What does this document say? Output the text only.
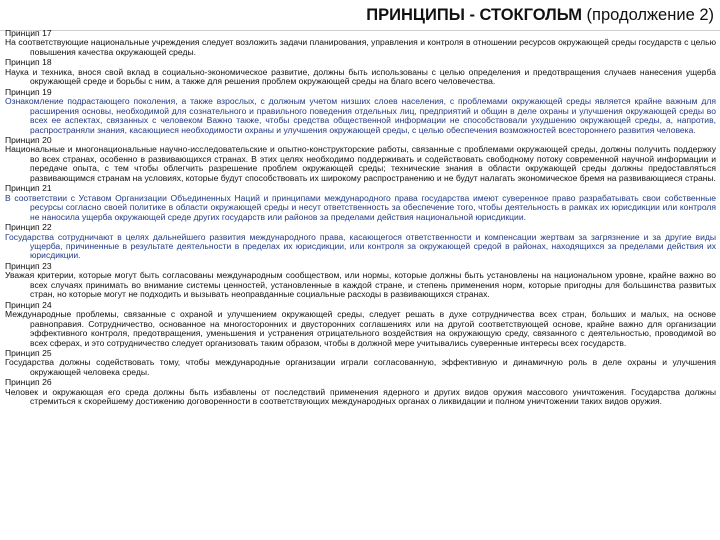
ПРИНЦИПЫ - СТОКГОЛЬМ (продолжение 2)

Принцип 17

На соответствующие национальные учреждения следует возложить задачи планирования, управления и контроля в отношении ресурсов окружающей среды государств с целью повышения качества окружающей среды.

Принцип 18

Наука и техника, внося свой вклад в социально-экономическое развитие, должны быть использованы с целью определения и предотвращения случаев нанесения ущерба окружающей среде и борьбы с ним, а также для решения проблем окружающей среды на благо всего человечества.

Принцип 19

Ознакомление подрастающего поколения, а также взрослых, с должным учетом низших слоев населения, с проблемами окружающей среды является крайне важным для расширения основы, необходимой для сознательного и правильного поведения отдельных лиц, предприятий и общин в деле охраны и улучшения окружающей среды во всех ее аспектах, связанных с человеком Важно также, чтобы средства общественной информации не способствовали ухудшению окружающей среды, а, напротив, распространяли знания, касающиеся необходимости охраны и улучшения окружающей среды, с целью обеспечения возможностей всестороннего развития человека.

Принцип 20

Национальные и многонациональные научно-исследовательские и опытно-конструкторские работы, связанные с проблемами окружающей среды, должны получить поддержку во всех странах, особенно в развивающихся странах. В этих целях необходимо поддерживать и содействовать свободному потоку современной научной информации и передаче опыта, с тем чтобы облегчить разрешение проблем окружающей среды; технические знания в области окружающей среды должны предоставляться развивающимся странам на условиях, которые будут способствовать их широкому распространению и не будут налагать экономическое бремя на развивающиеся страны.

Принцип 21

В соответствии с Уставом Организации Объединенных Наций и принципами международного права государства имеют суверенное право разрабатывать свои собственные ресурсы согласно своей политике в области окружающей среды и несут ответственность за обеспечение того, чтобы деятельность в рамках их юрисдикции или контроля не наносила ущерба окружающей среде других государств или районов за пределами действия национальной юрисдикции.

Принцип 22

Государства сотрудничают в целях дальнейшего развития международного права, касающегося ответственности и компенсации жертвам за загрязнение и за другие виды ущерба, причиненные в результате деятельности в пределах их юрисдикции, или контроля за окружающей средой в районах, находящихся за пределами действия их юрисдикции.

Принцип 23

Уважая критерии, которые могут быть согласованы международным сообществом, или нормы, которые должны быть установлены на национальном уровне, крайне важно во всех случаях принимать во внимание системы ценностей, установленные в каждой стране, и степень применения норм, которые пригодны для большинства развитых стран, но которые могут не подходить и вызывать неоправданные социальные расходы в развивающихся странах.

Принцип 24

Международные проблемы, связанные с охраной и улучшением окружающей среды, следует решать в духе сотрудничества всех стран, больших и малых, на основе равноправия. Сотрудничество, основанное на многосторонних и двусторонних соглашениях или на другой соответствующей основе, крайне важно для организации эффективного контроля, предотвращения, уменьшения и устранения отрицательного воздействия на окружающую среду, связанного с деятельностью, проводимой во всех сферах, и это сотрудничество следует организовать таким образом, чтобы в должной мере учитывались суверенные интересы всех государств.

Принцип 25

Государства должны содействовать тому, чтобы международные организации играли согласованную, эффективную и динамичную роль в деле охраны и улучшения окружающей человека среды.

Принцип 26

Человек и окружающая его среда должны быть избавлены от последствий применения ядерного и других видов оружия массового уничтожения. Государства должны стремиться к скорейшему достижению договоренности в соответствующих международных органах о ликвидации и полном уничтожении таких видов оружия.
